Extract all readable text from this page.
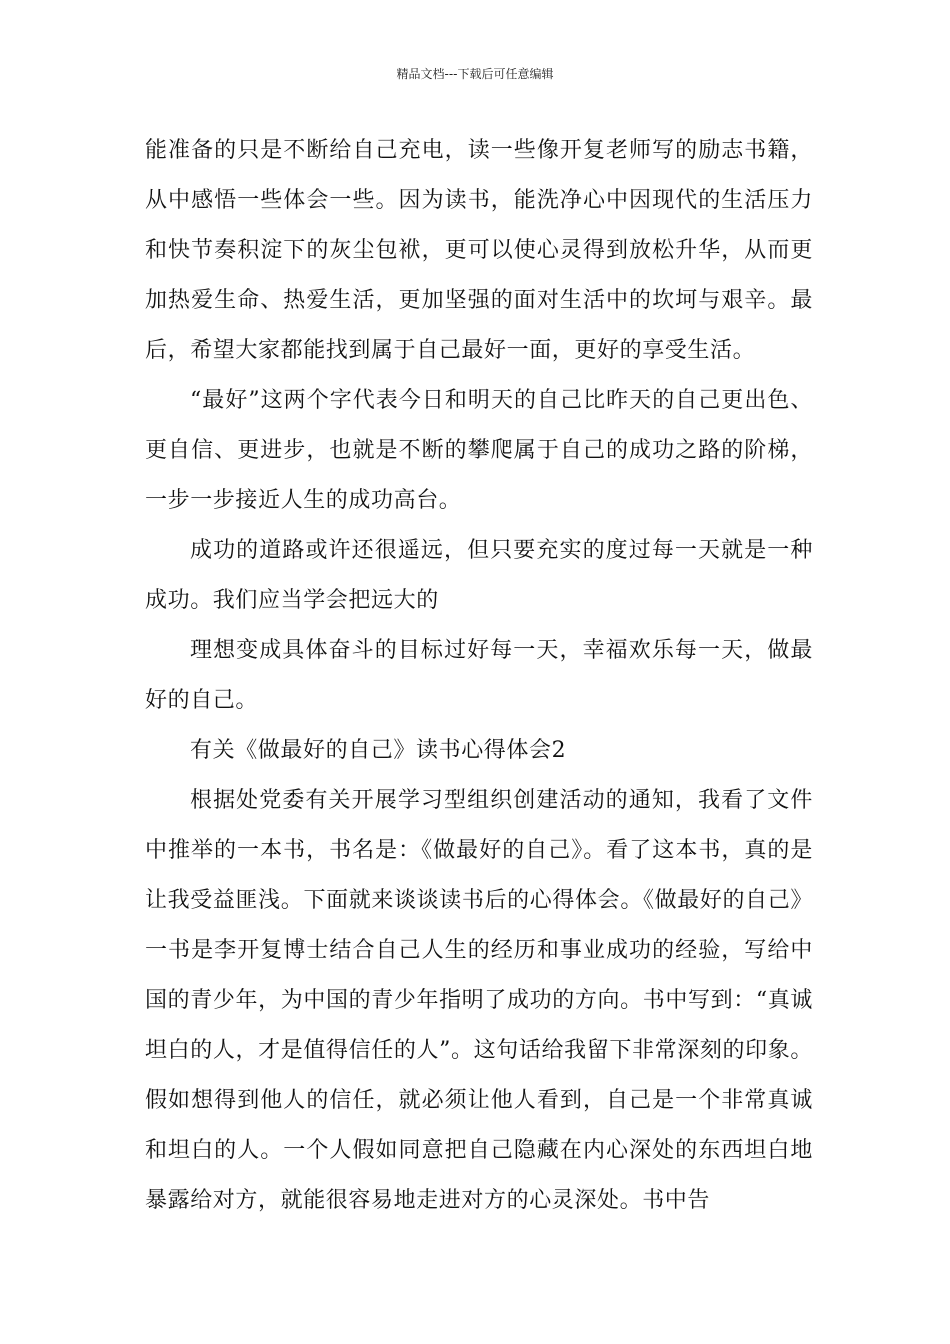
精品文档---下载后可任意编辑

能准备的只是不断给自己充电，读一些像开复老师写的励志书籍，从中感悟一些体会一些。因为读书，能洗净心中因现代的生活压力和快节奏积淀下的灰尘包袱，更可以使心灵得到放松升华，从而更加热爱生命、热爱生活，更加坚强的面对生活中的坎坷与艰辛。最后，希望大家都能找到属于自己最好一面，更好的享受生活。

“最好”这两个字代表今日和明天的自己比昨天的自己更出色、更自信、更进步，也就是不断的攀爬属于自己的成功之路的阶梯，一步一步接近人生的成功高台。

成功的道路或许还很遥远，但只要充实的度过每一天就是一种成功。我们应当学会把远大的

理想变成具体奋斗的目标过好每一天，幸福欢乐每一天，做最好的自己。

有关《做最好的自己》读书心得体会2

根据处党委有关开展学习型组织创建活动的通知，我看了文件中推举的一本书，书名是：《做最好的自己》。看了这本书，真的是让我受益匪浅。下面就来谈谈读书后的心得体会。《做最好的自己》一书是李开复博士结合自己人生的经历和事业成功的经验，写给中国的青少年，为中国的青少年指明了成功的方向。书中写到：“真诚坦白的人，才是值得信任的人”。这句话给我留下非常深刻的印象。假如想得到他人的信任，就必须让他人看到，自己是一个非常真诚和坦白的人。一个人假如同意把自己隐藏在内心深处的东西坦白地暴露给对方，就能很容易地走进对方的心灵深处。书中告
